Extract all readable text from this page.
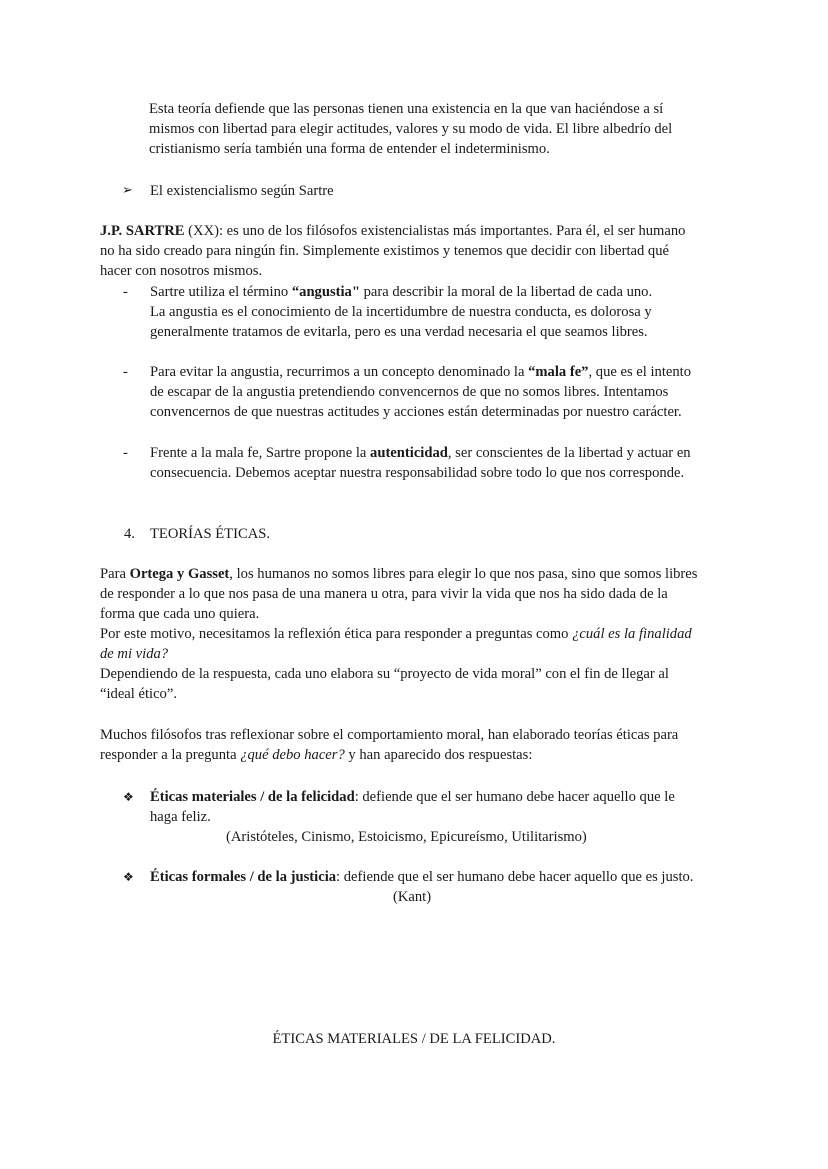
Esta teoría defiende que las personas tienen una existencia en la que van haciéndose a sí
mismos con libertad para elegir actitudes, valores y su modo de vida. El libre albedrío del
cristianismo sería también una forma de entender el indeterminismo.
➢ El existencialismo según Sartre
J.P. SARTRE (XX): es uno de los filósofos existencialistas más importantes. Para él, el ser humano
no ha sido creado para ningún fin. Simplemente existimos y tenemos que decidir con libertad qué
hacer con nosotros mismos.
- Sartre utiliza el término “angustia" para describir la moral de la libertad de cada uno.
La angustia es el conocimiento de la incertidumbre de nuestra conducta, es dolorosa y
generalmente tratamos de evitarla, pero es una verdad necesaria el que seamos libres.
- Para evitar la angustia, recurrimos a un concepto denominado la “mala fe”, que es el intento
de escapar de la angustia pretendiendo convencernos de que no somos libres. Intentamos
convencernos de que nuestras actitudes y acciones están determinadas por nuestro carácter.
- Frente a la mala fe, Sartre propone la autenticidad, ser conscientes de la libertad y actuar en
consecuencia. Debemos aceptar nuestra responsabilidad sobre todo lo que nos corresponde.
4. TEORÍAS ÉTICAS.
Para Ortega y Gasset, los humanos no somos libres para elegir lo que nos pasa, sino que somos libres
de responder a lo que nos pasa de una manera u otra, para vivir la vida que nos ha sido dada de la
forma que cada uno quiera.
Por este motivo, necesitamos la reflexión ética para responder a preguntas como ¿cuál es la finalidad
de mi vida?
Dependiendo de la respuesta, cada uno elabora su “proyecto de vida moral” con el fin de llegar al
“ideal ético”.
Muchos filósofos tras reflexionar sobre el comportamiento moral, han elaborado teorías éticas para
responder a la pregunta ¿qué debo hacer? y han aparecido dos respuestas:
❖ Éticas materiales / de la felicidad: defiende que el ser humano debe hacer aquello que le
haga feliz.
(Aristóteles, Cinismo, Estoicismo, Epicureísmo, Utilitarismo)
❖ Éticas formales / de la justicia: defiende que el ser humano debe hacer aquello que es justo.
(Kant)
ÉTICAS MATERIALES / DE LA FELICIDAD.
